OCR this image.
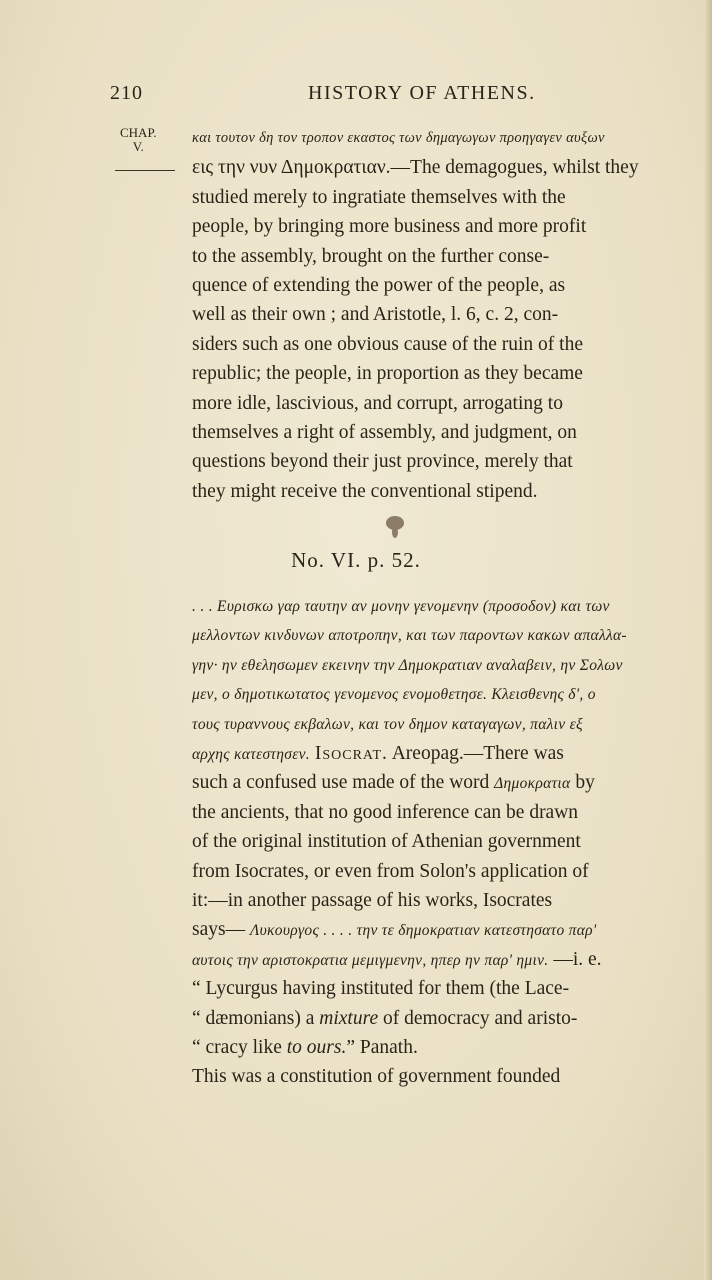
210	HISTORY OF ATHENS.
CHAP.
V.
και τουτον δη τον τροπον εκαστος των δημαγωγων προηγαγεν αυξων
εις την νυν Δημοκρατιαν.—The demagogues, whilst they
studied merely to ingratiate themselves with the
people, by bringing more business and more profit
to the assembly, brought on the further conse-
quence of extending the power of the people, as
well as their own ; and Aristotle, l. 6, c. 2, con-
siders such as one obvious cause of the ruin of the
republic; the people, in proportion as they became
more idle, lascivious, and corrupt, arrogating to
themselves a right of assembly, and judgment, on
questions beyond their just province, merely that
they might receive the conventional stipend.
No. VI. p. 52.
. . . Ευρισκω γαρ ταυτην αν μονην γενομενην (προσοδον) και των
μελλοντων κινδυνων αποτροπην, και των παροντων κακων απαλλα-
γην· ην εθελησωμεν εκεινην την Δημοκρατιαν αναλαβειν, ην Σολων
μεν, ο δημοτικωτατος γενομενος ενομοθετησε. Κλεισθενης δ', ο
τους τυραννους εκβαλων, και τον δημον καταγαγων, παλιν εξ
αρχης κατεστησεν. Isocrat. Areopag.—There was
such a confused use made of the word Δημοκρατια by
the ancients, that no good inference can be drawn
of the original institution of Athenian government
from Isocrates, or even from Solon's application of
it:—in another passage of his works, Isocrates
says— Λυκουργος . . . . την τε δημοκρατιαν κατεστησατο παρ'
αυτοις την αριστοκρατια μεμιγμενην, ηπερ ην παρ' ημιν. —i. e.
“ Lycurgus having instituted for them (the Lace-
“ dæmonians) a mixture of democracy and aristo-
“ cracy like to ours.” Panath.
This was a constitution of government founded
